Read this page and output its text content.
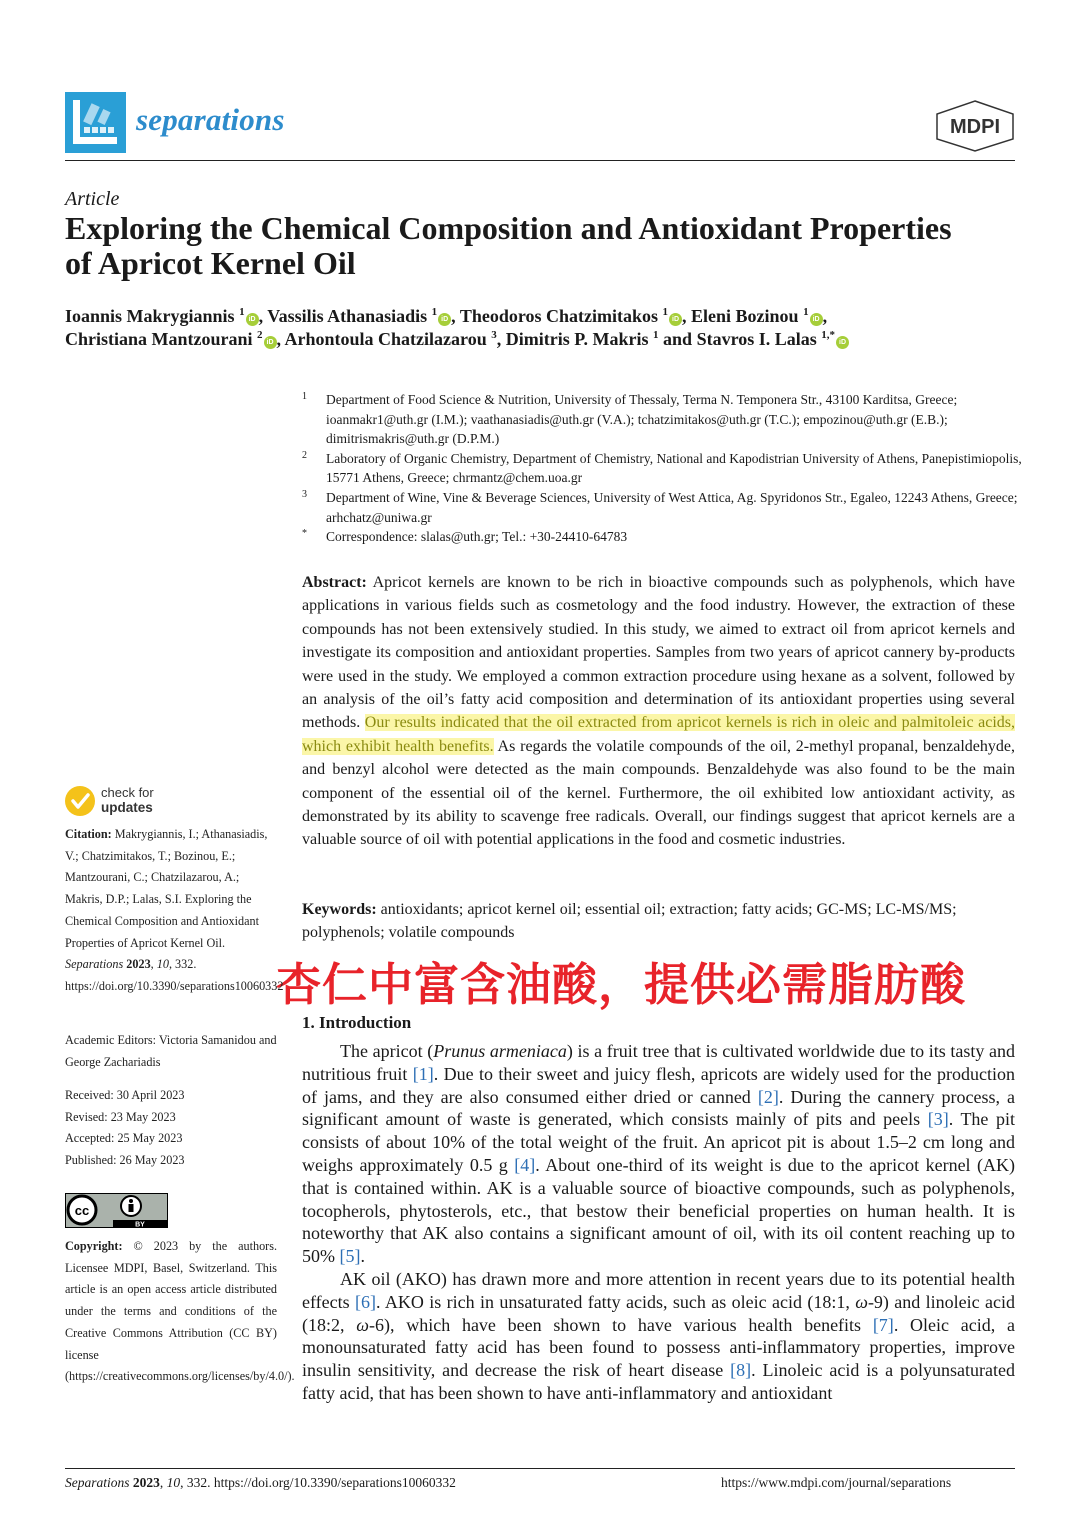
separations	MDPI
Article
Exploring the Chemical Composition and Antioxidant Properties of Apricot Kernel Oil
Ioannis Makrygiannis $^1$iD , Vassilis Athanasiadis $^1$iD , Theodoros Chatzimitakos $^1$iD , Eleni Bozinou $^1$iD ,
Christiana Mantzourani $^2$iD , Arhontoula Chatzilazarou $^3$, Dimitris P. Makris $^1$ and Stavros I. Lalas $^{1,*}$iD
1 Department of Food Science & Nutrition, University of Thessaly, Terma N. Temponera Str., 43100 Karditsa, Greece; ioanmakr1@uth.gr (I.M.); vaathanasiadis@uth.gr (V.A.); tchatzimitakos@uth.gr (T.C.); empozinou@uth.gr (E.B.); dimitrismakris@uth.gr (D.P.M.)
2 Laboratory of Organic Chemistry, Department of Chemistry, National and Kapodistrian University of Athens, Panepistimiopolis, 15771 Athens, Greece; chrmantz@chem.uoa.gr
3 Department of Wine, Vine & Beverage Sciences, University of West Attica, Ag. Spyridonos Str., Egaleo, 12243 Athens, Greece; arhchatz@uniwa.gr
* Correspondence: slalas@uth.gr; Tel.: +30-24410-64783
Abstract: Apricot kernels are known to be rich in bioactive compounds such as polyphenols, which have applications in various fields such as cosmetology and the food industry. However, the extraction of these compounds has not been extensively studied. In this study, we aimed to extract oil from apricot kernels and investigate its composition and antioxidant properties. Samples from two years of apricot cannery by-products were used in the study. We employed a common extraction procedure using hexane as a solvent, followed by an analysis of the oil’s fatty acid composition and determination of its antioxidant properties using several methods. Our results indicated that the oil extracted from apricot kernels is rich in oleic and palmitoleic acids, which exhibit health benefits. As regards the volatile compounds of the oil, 2-methyl propanal, benzaldehyde, and benzyl alcohol were detected as the main compounds. Benzaldehyde was also found to be the main component of the essential oil of the kernel. Furthermore, the oil exhibited low antioxidant activity, as demonstrated by its ability to scavenge free radicals. Overall, our findings suggest that apricot kernels are a valuable source of oil with potential applications in the food and cosmetic industries.
Keywords: antioxidants; apricot kernel oil; essential oil; extraction; fatty acids; GC-MS; LC-MS/MS; polyphenols; volatile compounds
杏仁中富含油酸，提供必需脂肪酸
1. Introduction

The apricot (Prunus armeniaca) is a fruit tree that is cultivated worldwide due to its tasty and nutritious fruit [1]. Due to their sweet and juicy flesh, apricots are widely used for the production of jams, and they are also consumed either dried or canned [2]. During the cannery process, a significant amount of waste is generated, which consists mainly of pits and peels [3]. The pit consists of about 10% of the total weight of the fruit. An apricot pit is about 1.5–2 cm long and weighs approximately 0.5 g [4]. About one-third of its weight is due to the apricot kernel (AK) that is contained within. AK is a valuable source of bioactive compounds, such as polyphenols, tocopherols, phytosterols, etc., that bestow their beneficial properties on human health. It is noteworthy that AK also contains a significant amount of oil, with its oil content reaching up to 50% [5].

AK oil (AKO) has drawn more and more attention in recent years due to its potential health effects [6]. AKO is rich in unsaturated fatty acids, such as oleic acid (18:1, ω-9) and linoleic acid (18:2, ω-6), which have been shown to have various health benefits [7]. Oleic acid, a monounsaturated fatty acid has been found to possess anti-inflammatory properties, improve insulin sensitivity, and decrease the risk of heart disease [8]. Linoleic acid is a polyunsaturated fatty acid, that has been shown to have anti-inflammatory and antioxidant

check for
updates
Citation: Makrygiannis, I.; Athanasiadis, V.; Chatzimitakos, T.; Bozinou, E.; Mantzourani, C.; Chatzilazarou, A.; Makris, D.P.; Lalas, S.I. Exploring the Chemical Composition and Antioxidant Properties of Apricot Kernel Oil. Separations 2023, 10, 332. https://doi.org/10.3390/separations10060332
Academic Editors: Victoria Samanidou and George Zachariadis
Received: 30 April 2023
Revised: 23 May 2023
Accepted: 25 May 2023
Published: 26 May 2023
cc
BY
Copyright: © 2023 by the authors. Licensee MDPI, Basel, Switzerland. This article is an open access article distributed under the terms and conditions of the Creative Commons Attribution (CC BY) license (https://creativecommons.org/licenses/by/4.0/).
Separations 2023, 10, 332. https://doi.org/10.3390/separations10060332	https://www.mdpi.com/journal/separations
